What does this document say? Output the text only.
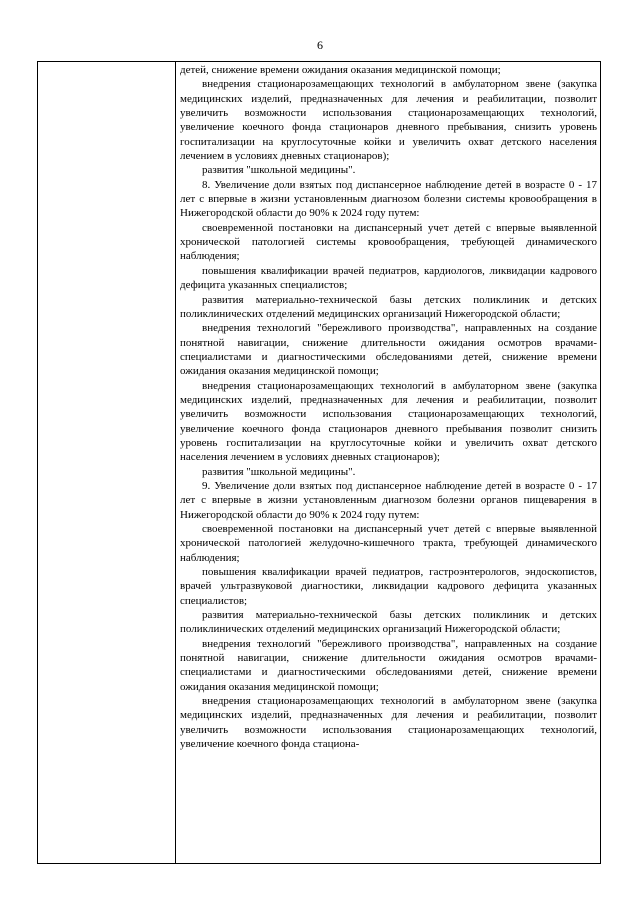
6

детей, снижение времени ожидания оказания медицинской помощи;

внедрения стационарозамещающих технологий в амбулаторном звене (закупка медицинских изделий, предназначенных для лечения и реабилитации, позволит увеличить возможности использования стационарозамещающих технологий, увеличение коечного фонда стационаров дневного пребывания, снизить уровень госпитализации на круглосуточные койки и увеличить охват детского населения лечением в условиях дневных стационаров);

развития "школьной медицины".

8. Увеличение доли взятых под диспансерное наблюдение детей в возрасте 0 - 17 лет с впервые в жизни установленным диагнозом болезни системы кровообращения в Нижегородской области до 90% к 2024 году путем:

своевременной постановки на диспансерный учет детей с впервые выявленной хронической патологией системы кровообращения, требующей динамического наблюдения;

повышения квалификации врачей педиатров, кардиологов, ликвидации кадрового дефицита указанных специалистов;

развития материально-технической базы детских поликлиник и детских поликлинических отделений медицинских организаций Нижегородской области;

внедрения технологий "бережливого производства", направленных на создание понятной навигации, снижение длительности ожидания осмотров врачами-специалистами и диагностическими обследованиями детей, снижение времени ожидания оказания медицинской помощи;

внедрения стационарозамещающих технологий в амбулаторном звене (закупка медицинских изделий, предназначенных для лечения и реабилитации, позволит увеличить возможности использования стационарозамещающих технологий, увеличение коечного фонда стационаров дневного пребывания позволит снизить уровень госпитализации на круглосуточные койки и увеличить охват детского населения лечением в условиях дневных стационаров);

развития "школьной медицины".

9. Увеличение доли взятых под диспансерное наблюдение детей в возрасте 0 - 17 лет с впервые в жизни установленным диагнозом болезни органов пищеварения в Нижегородской области до 90% к 2024 году путем:

своевременной постановки на диспансерный учет детей с впервые выявленной хронической патологией желудочно-кишечного тракта, требующей динамического наблюдения;

повышения квалификации врачей педиатров, гастроэнтерологов, эндоскопистов, врачей ультразвуковой диагностики, ликвидации кадрового дефицита указанных специалистов;

развития материально-технической базы детских поликлиник и детских поликлинических отделений медицинских организаций Нижегородской области;

внедрения технологий "бережливого производства", направленных на создание понятной навигации, снижение длительности ожидания осмотров врачами-специалистами и диагностическими обследованиями детей, снижение времени ожидания оказания медицинской помощи;

внедрения стационарозамещающих технологий в амбулаторном звене (закупка медицинских изделий, предназначенных для лечения и реабилитации, позволит увеличить возможности использования стационарозамещающих технологий, увеличение коечного фонда стациона-
